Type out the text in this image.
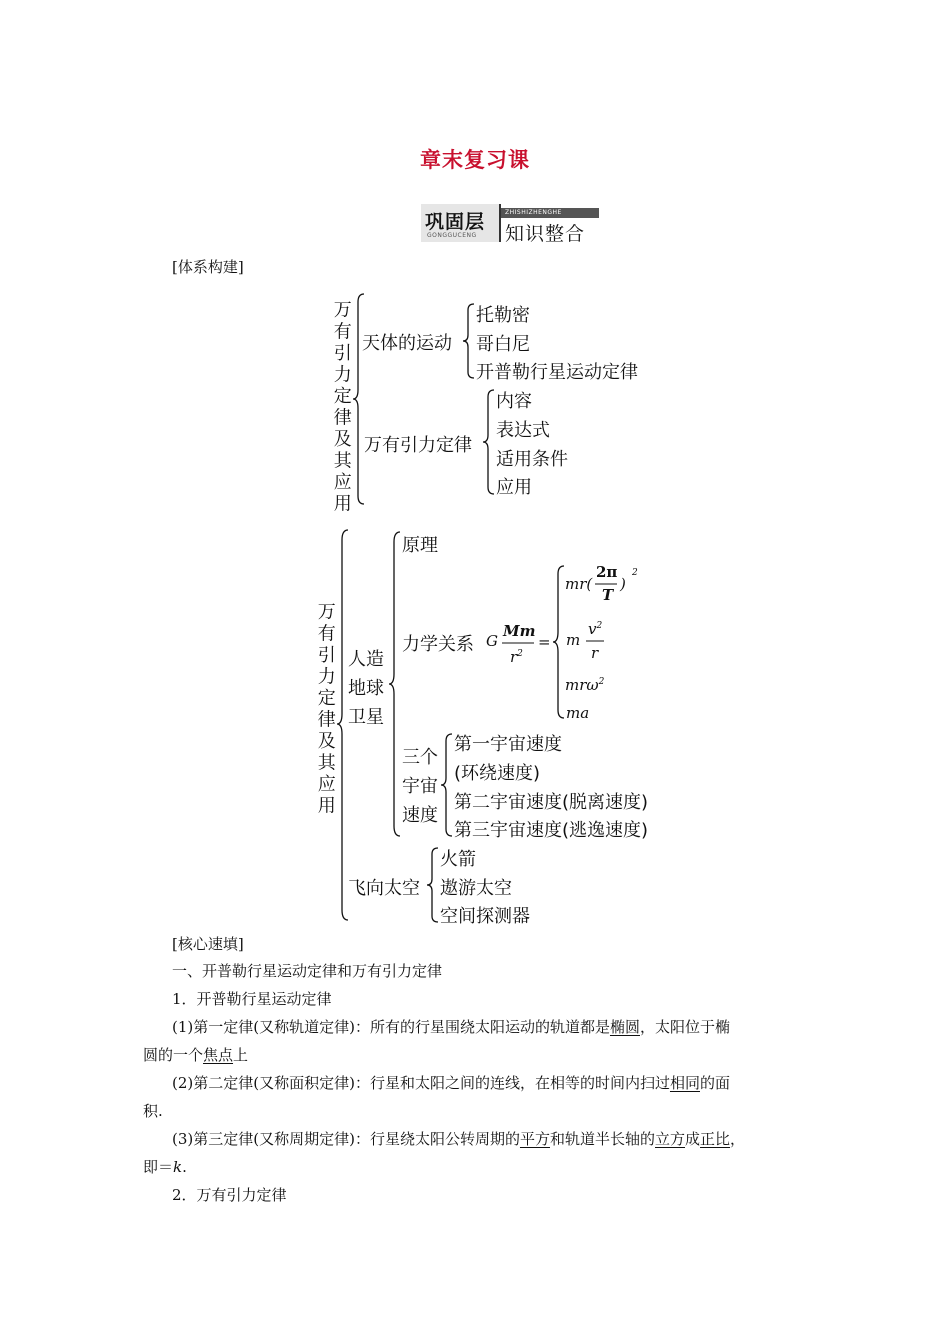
章末复习课
巩固层
GONGGUCENG
ZHISHIZHENGHE
知识整合
[体系构建]
万有引力定律及其应用 天体的运动
托勒密
哥白尼
开普勒行星运动定律
万有引力定律
内容
表达式
适用条件
应用
万有引力定律及其应用 人造
地球
卫星
原理
力学关系 G
Mm
$r^2$
=
mr(
2π
T
)
2
m
$v^2$
r
mrω$^2$
ma
三个
宇宙
速度
第一宇宙速度
(环绕速度)
第二宇宙速度(脱离速度)
第三宇宙速度(逃逸速度)
飞向太空
火箭
遨游太空
空间探测器
[核心速填]
一、开普勒行星运动定律和万有引力定律
1．开普勒行星运动定律
(1)第一定律(又称轨道定律)：所有的行星围绕太阳运动的轨道都是椭圆，太阳位于椭
圆的一个焦点上
(2)第二定律(又称面积定律)：行星和太阳之间的连线，在相等的时间内扫过相同的面
积.
(3)第三定律(又称周期定律)：行星绕太阳公转周期的平方和轨道半长轴的立方成正比，
即＝k.
2．万有引力定律
